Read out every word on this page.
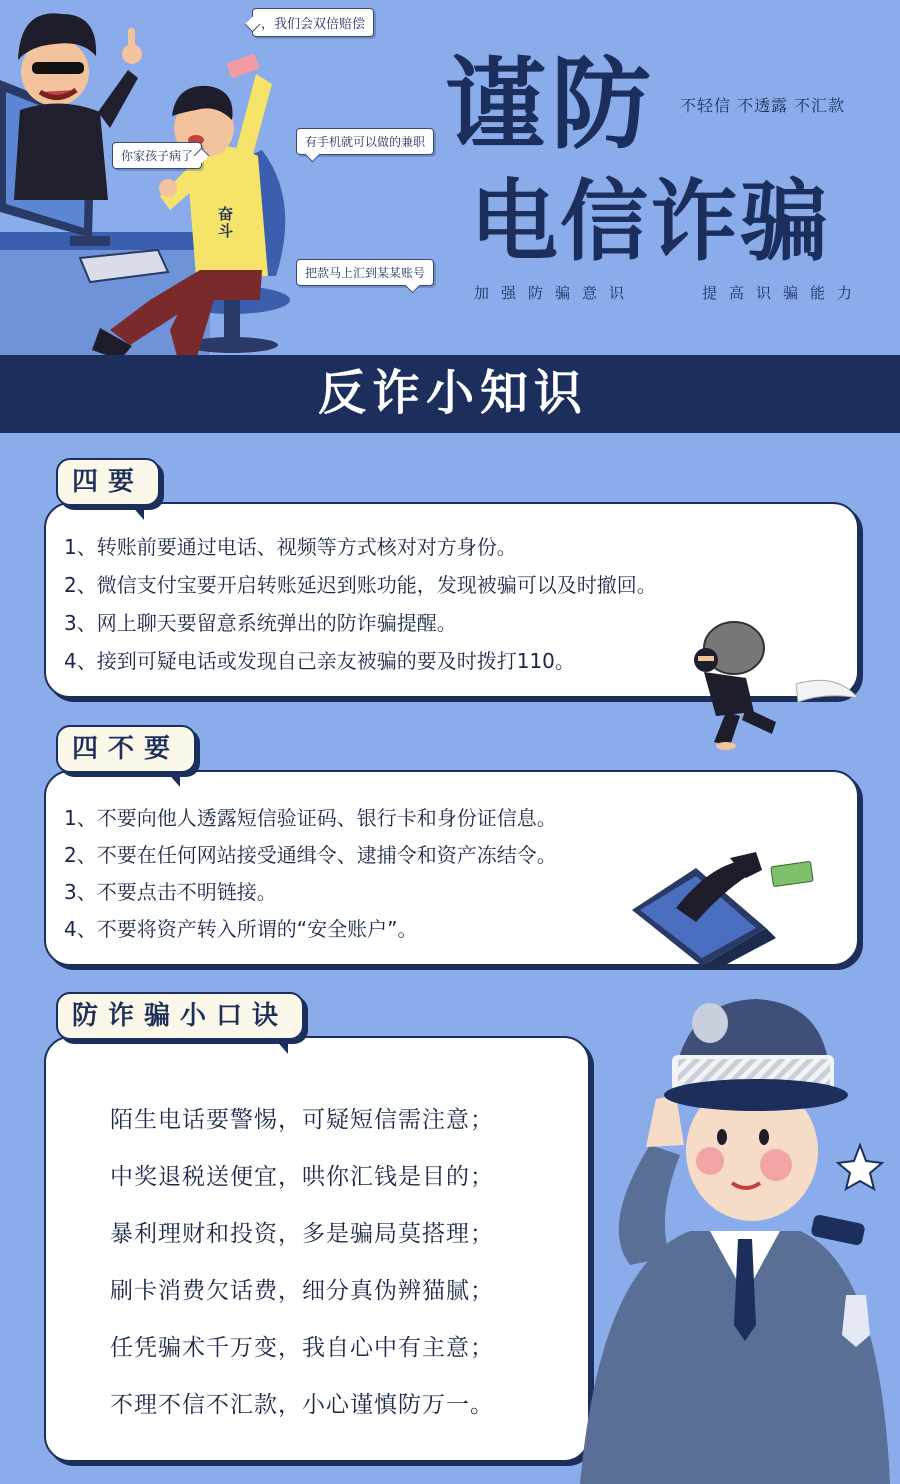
奋斗
，我们会双倍赔偿
你家孩子病了
有手机就可以做的兼职
把款马上汇到某某账号
谨防 不轻信 不透露 不汇款
电信诈骗
加强防骗意识	提高识骗能力
反诈小知识
1、转账前要通过电话、视频等方式核对对方身份。
2、微信支付宝要开启转账延迟到账功能，发现被骗可以及时撤回。
3、网上聊天要留意系统弹出的防诈骗提醒。
4、接到可疑电话或发现自己亲友被骗的要及时拨打110。
四要
1、不要向他人透露短信验证码、银行卡和身份证信息。
2、不要在任何网站接受通缉令、逮捕令和资产冻结令。
3、不要点击不明链接。
4、不要将资产转入所谓的“安全账户”。
四不要
陌生电话要警惕，可疑短信需注意；
中奖退税送便宜，哄你汇钱是目的；
暴利理财和投资，多是骗局莫搭理；
刷卡消费欠话费，细分真伪辨猫腻；
任凭骗术千万变，我自心中有主意；
不理不信不汇款，小心谨慎防万一。
防诈骗小口诀
